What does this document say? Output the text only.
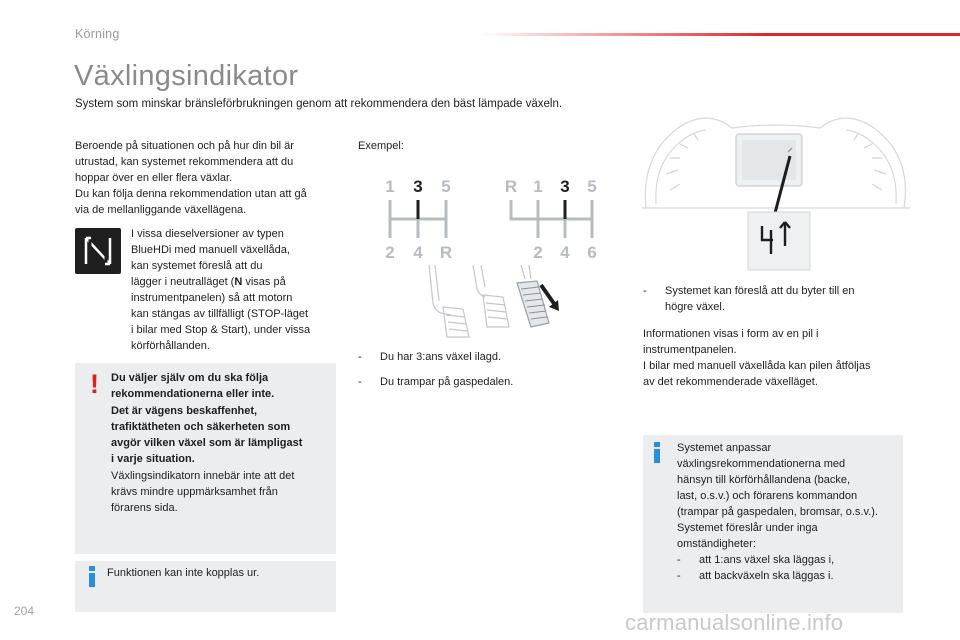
Körning
Växlingsindikator
System som minskar bränsleförbrukningen genom att rekommendera den bäst lämpade växeln.
Beroende på situationen och på hur din bil är
utrustad, kan systemet rekommendera att du
hoppar över en eller flera växlar.
Du kan följa denna rekommendation utan att gå
via de mellanliggande växellägena.
I vissa dieselversioner av typen
BlueHDi med manuell växellåda,
kan systemet föreslå att du
lägger i neutralläget (N visas på
instrumentpanelen) så att motorn
kan stängas av tillfälligt (STOP-läget
i bilar med Stop & Start), under vissa
körförhållanden.
! Du väljer själv om du ska följa
rekommendationerna eller inte.
Det är vägens beskaffenhet,
trafiktätheten och säkerheten som
avgör vilken växel som är lämpligast
i varje situation.
Växlingsindikatorn innebär inte att det
krävs mindre uppmärksamhet från
förarens sida.
Funktionen kan inte kopplas ur.
Exempel:
1 3 5
2 4 R
R 1 3 5
2 4 6
- Du har 3:ans växel ilagd.
- Du trampar på gaspedalen.
- Systemet kan föreslå att du byter till en
högre växel.
Informationen visas i form av en pil i
instrumentpanelen.
I bilar med manuell växellåda kan pilen åtföljas
av det rekommenderade växelläget.
Systemet anpassar
växlingsrekommendationerna med
hänsyn till körförhållandena (backe,
last, o.s.v.) och förarens kommandon
(trampar på gaspedalen, bromsar, o.s.v.).
Systemet föreslår under inga
omständigheter:
- att 1:ans växel ska läggas i,
- att backväxeln ska läggas i.
204	carmanualsonline.info
